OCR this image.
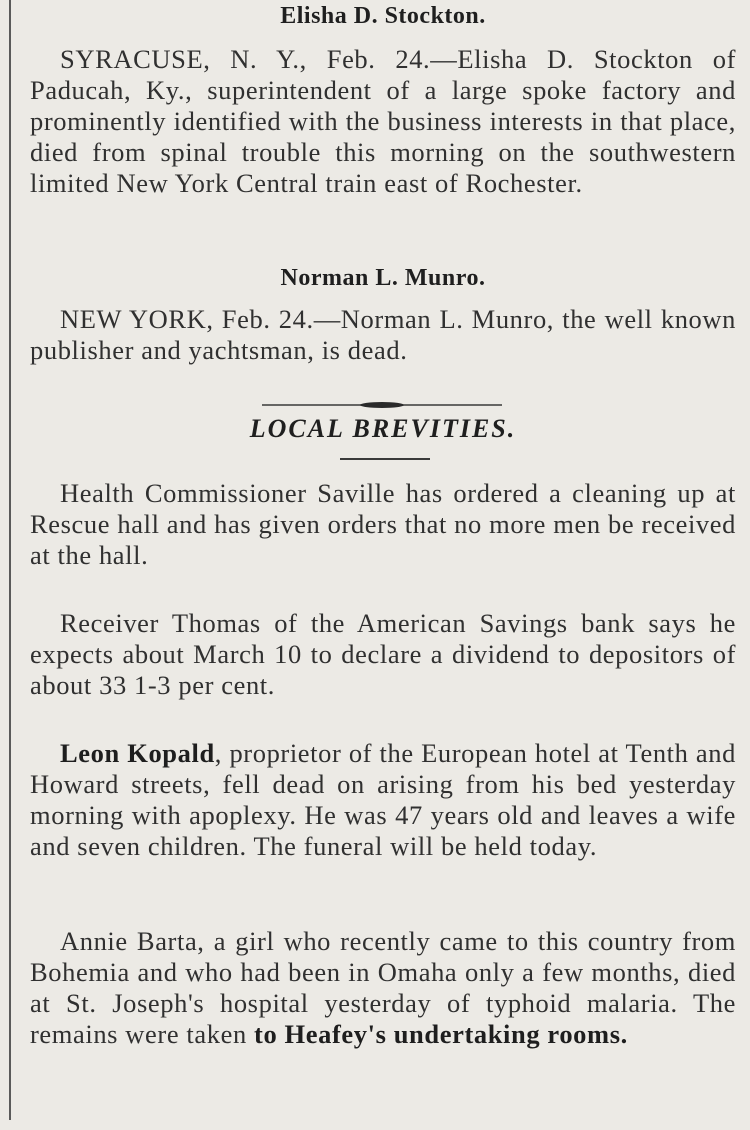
Elisha D. Stockton.
SYRACUSE, N. Y., Feb. 24.—Elisha D. Stockton of Paducah, Ky., superintendent of a large spoke factory and prominently identified with the business interests in that place, died from spinal trouble this morning on the southwestern limited New York Central train east of Rochester.
Norman L. Munro.
NEW YORK, Feb. 24.—Norman L. Munro, the well known publisher and yachtsman, is dead.
LOCAL BREVITIES.
Health Commissioner Saville has ordered a cleaning up at Rescue hall and has given orders that no more men be received at the hall.
Receiver Thomas of the American Savings bank says he expects about March 10 to declare a dividend to depositors of about 33 1-3 per cent.
Leon Kopald, proprietor of the European hotel at Tenth and Howard streets, fell dead on arising from his bed yesterday morning with apoplexy. He was 47 years old and leaves a wife and seven children. The funeral will be held today.
Annie Barta, a girl who recently came to this country from Bohemia and who had been in Omaha only a few months, died at St. Joseph's hospital yesterday of typhoid malaria. The remains were taken to Heafey's undertaking rooms.
